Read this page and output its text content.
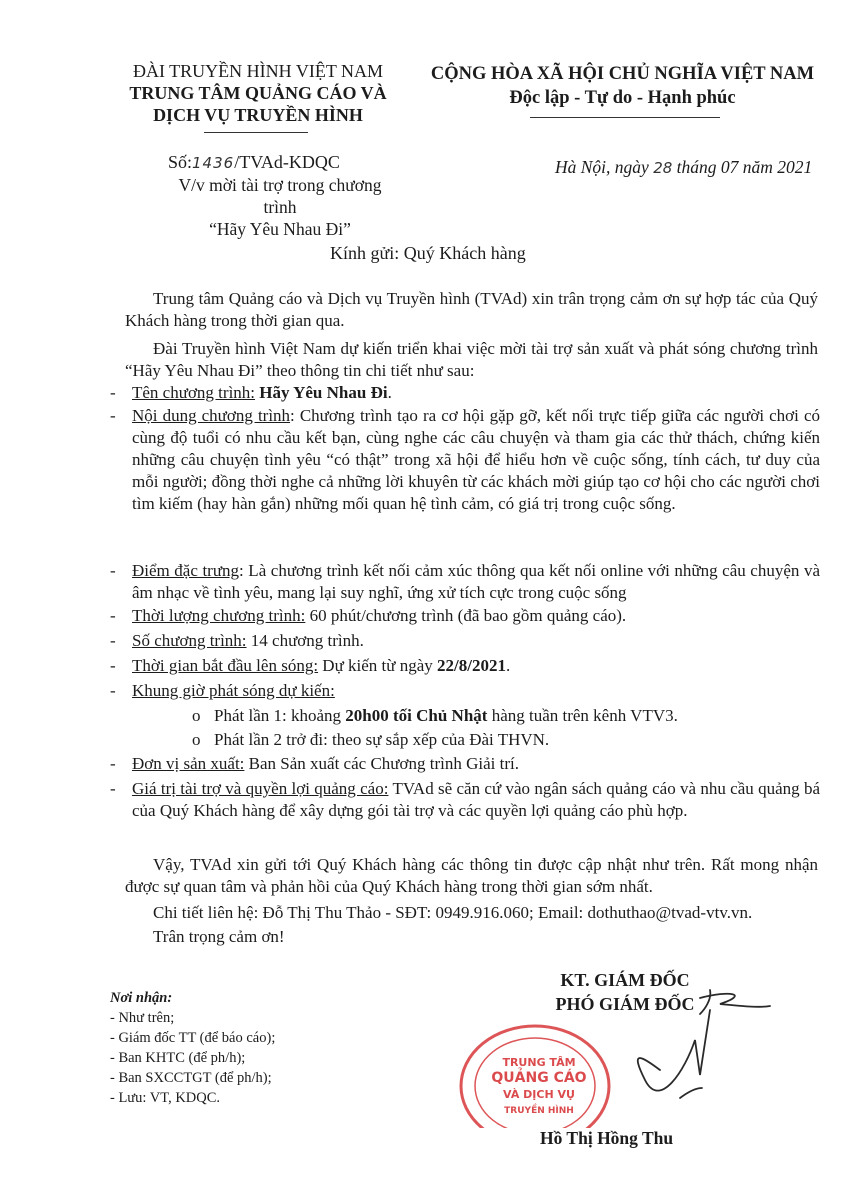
ĐÀI TRUYỀN HÌNH VIỆT NAM
TRUNG TÂM QUẢNG CÁO VÀ
DỊCH VỤ TRUYỀN HÌNH
CỘNG HÒA XÃ HỘI CHỦ NGHĨA VIỆT NAM
Độc lập - Tự do - Hạnh phúc
Số:1436/TVAd-KDQC
V/v mời tài trợ trong chương trình
“Hãy Yêu Nhau Đi”
Hà Nội, ngày 28 tháng 07 năm 2021
Kính gửi: Quý Khách hàng
Trung tâm Quảng cáo và Dịch vụ Truyền hình (TVAd) xin trân trọng cảm ơn sự hợp tác của Quý Khách hàng trong thời gian qua.
Đài Truyền hình Việt Nam dự kiến triển khai việc mời tài trợ sản xuất và phát sóng chương trình “Hãy Yêu Nhau Đi” theo thông tin chi tiết như sau:
- Tên chương trình: Hãy Yêu Nhau Đi.
- Nội dung chương trình: Chương trình tạo ra cơ hội gặp gỡ, kết nối trực tiếp giữa các người chơi có cùng độ tuổi có nhu cầu kết bạn, cùng nghe các câu chuyện và tham gia các thử thách, chứng kiến những câu chuyện tình yêu “có thật” trong xã hội để hiểu hơn về cuộc sống, tính cách, tư duy của mỗi người; đồng thời nghe cả những lời khuyên từ các khách mời giúp tạo cơ hội cho các người chơi tìm kiếm (hay hàn gắn) những mối quan hệ tình cảm, có giá trị trong cuộc sống.
- Điểm đặc trưng: Là chương trình kết nối cảm xúc thông qua kết nối online với những câu chuyện và âm nhạc về tình yêu, mang lại suy nghĩ, ứng xử tích cực trong cuộc sống
- Thời lượng chương trình: 60 phút/chương trình (đã bao gồm quảng cáo).
- Số chương trình: 14 chương trình.
- Thời gian bắt đầu lên sóng: Dự kiến từ ngày 22/8/2021.
- Khung giờ phát sóng dự kiến:
o Phát lần 1: khoảng 20h00 tối Chủ Nhật hàng tuần trên kênh VTV3.
o Phát lần 2 trở đi: theo sự sắp xếp của Đài THVN.
- Đơn vị sản xuất: Ban Sản xuất các Chương trình Giải trí.
- Giá trị tài trợ và quyền lợi quảng cáo: TVAd sẽ căn cứ vào ngân sách quảng cáo và nhu cầu quảng bá của Quý Khách hàng để xây dựng gói tài trợ và các quyền lợi quảng cáo phù hợp.
Vậy, TVAd xin gửi tới Quý Khách hàng các thông tin được cập nhật như trên. Rất mong nhận được sự quan tâm và phản hồi của Quý Khách hàng trong thời gian sớm nhất.
Chi tiết liên hệ: Đỗ Thị Thu Thảo - SĐT: 0949.916.060; Email: dothuthao@tvad-vtv.vn.
Trân trọng cảm ơn!
Nơi nhận:
- Như trên;
- Giám đốc TT (để báo cáo);
- Ban KHTC (để ph/h);
- Ban SXCCTGT (để ph/h);
- Lưu: VT, KDQC.
KT. GIÁM ĐỐC
PHÓ GIÁM ĐỐC
TRUNG TÂM
QUẢNG CÁO
VÀ DỊCH VỤ
TRUYỀN HÌNH
Hồ Thị Hồng Thu
